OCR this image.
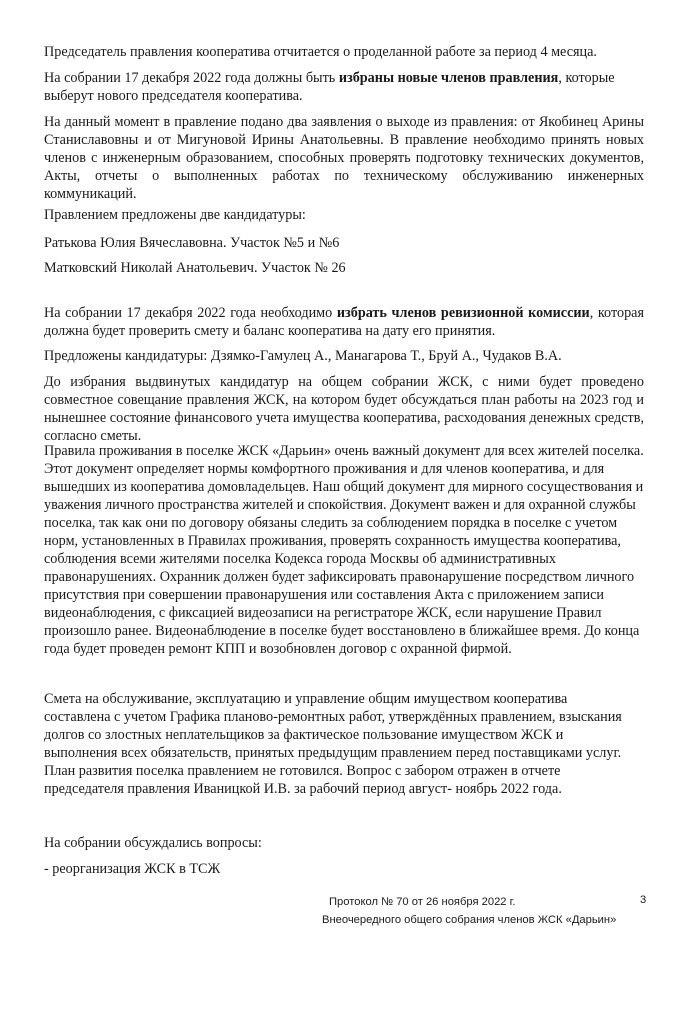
Председатель правления кооператива отчитается о проделанной работе за период 4 месяца.

На собрании 17 декабря 2022 года должны быть избраны новые членов правления, которые выберут нового председателя кооператива.

На данный момент в правление подано два заявления о выходе из правления: от Якобинец Арины Станиславовны и от Мигуновой Ирины Анатольевны. В правление необходимо принять новых членов с инженерным образованием, способных проверять подготовку технических документов, Акты, отчеты о выполненных работах по техническому обслуживанию инженерных коммуникаций.

Правлением предложены две кандидатуры:

Ратькова Юлия Вячеславовна. Участок №5 и №6

Матковский Николай Анатольевич. Участок № 26

На собрании 17 декабря 2022 года необходимо избрать членов ревизионной комиссии, которая должна будет проверить смету и баланс кооператива на дату его принятия.

Предложены кандидатуры: Дзямко-Гамулец А., Манагарова Т., Бруй А., Чудаков В.А.

До избрания выдвинутых кандидатур на общем собрании ЖСК, с ними будет проведено совместное совещание правления ЖСК, на котором будет обсуждаться план работы на 2023 год и нынешнее состояние финансового учета имущества кооператива, расходования денежных средств, согласно сметы.

Правила проживания в поселке ЖСК «Дарьин» очень важный документ для всех жителей поселка. Этот документ определяет нормы комфортного проживания и для членов кооператива, и для вышедших из кооператива домовладельцев. Наш общий документ для мирного сосуществования и уважения личного пространства жителей и спокойствия. Документ важен и для охранной службы поселка, так как они по договору обязаны следить за соблюдением порядка в поселке с учетом норм, установленных в Правилах проживания, проверять сохранность имущества кооператива, соблюдения всеми жителями поселка Кодекса города Москвы об административных правонарушениях. Охранник должен будет зафиксировать правонарушение посредством личного присутствия при совершении правонарушения или составления Акта с приложением записи видеонаблюдения, с фиксацией видеозаписи на регистраторе ЖСК, если нарушение Правил произошло ранее. Видеонаблюдение в поселке будет восстановлено в ближайшее время. До конца года будет проведен ремонт КПП и возобновлен договор с охранной фирмой.

Смета на обслуживание, эксплуатацию и управление общим имуществом кооператива составлена с учетом Графика планово-ремонтных работ, утверждённых правлением, взыскания долгов со злостных неплательщиков за фактическое пользование имуществом ЖСК и выполнения всех обязательств, принятых предыдущим правлением перед поставщиками услуг. План развития поселка правлением не готовился. Вопрос с забором отражен в отчете председателя правления Иваницкой И.В. за рабочий период август- ноябрь 2022 года.

На собрании обсуждались вопросы:

- реорганизация ЖСК в ТСЖ

Протокол № 70 от 26 ноября 2022 г.	3
Внеочередного общего собрания членов ЖСК «Дарьин»
